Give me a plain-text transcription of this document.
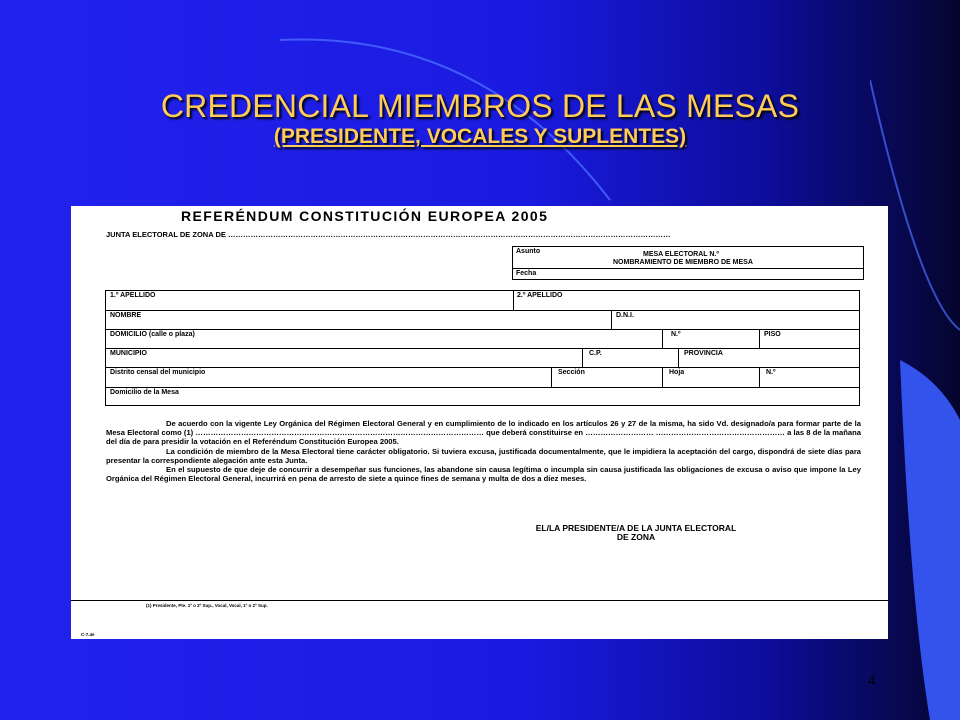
CREDENCIAL MIEMBROS DE LAS MESAS
(PRESIDENTE, VOCALES Y SUPLENTES)
REFERÉNDUM CONSTITUCIÓN EUROPEA 2005
JUNTA ELECTORAL DE ZONA DE ……………………………………………………………………………………………………………………………………………………………
Asunto	MESA ELECTORAL N.º
NOMBRAMIENTO DE MIEMBRO DE MESA
Fecha
1.º APELLIDO	2.º APELLIDO
NOMBRE	D.N.I.
DOMICILIO (calle o plaza)	N.º	PISO
MUNICIPIO	C.P.	PROVINCIA
Distrito censal del municipio	Sección	Hoja	N.º
Domicilio de la Mesa

De acuerdo con la vigente Ley Orgánica del Régimen Electoral General y en cumplimiento de lo indicado en los artículos 26 y 27 de la misma, ha sido Vd. designado/a para formar parte de la Mesa Electoral como (1) …………………………………………………………………………………………………… que deberá constituirse en ……………………… …………………………………………… a las 8 de la mañana del día de para presidir la votación en el Referéndum Constitución Europea 2005.

La condición de miembro de la Mesa Electoral tiene carácter obligatorio. Si tuviera excusa, justificada documentalmente, que le impidiera la aceptación del cargo, dispondrá de siete días para presentar la correspondiente alegación ante esta Junta.

En el supuesto de que deje de concurrir a desempeñar sus funciones, las abandone sin causa legítima o incumpla sin causa justificada las obligaciones de excusa o aviso que impone la Ley Orgánica del Régimen Electoral General, incurrirá en pena de arresto de siete a quince fines de semana y multa de dos a diez meses.

EL/LA PRESIDENTE/A DE LA JUNTA ELECTORAL
DE ZONA
(1) Presidente, Pte. 1º o 2º Sup., Vocal, Vocal, 1º o 2º Sup.
C-7.4e
4
